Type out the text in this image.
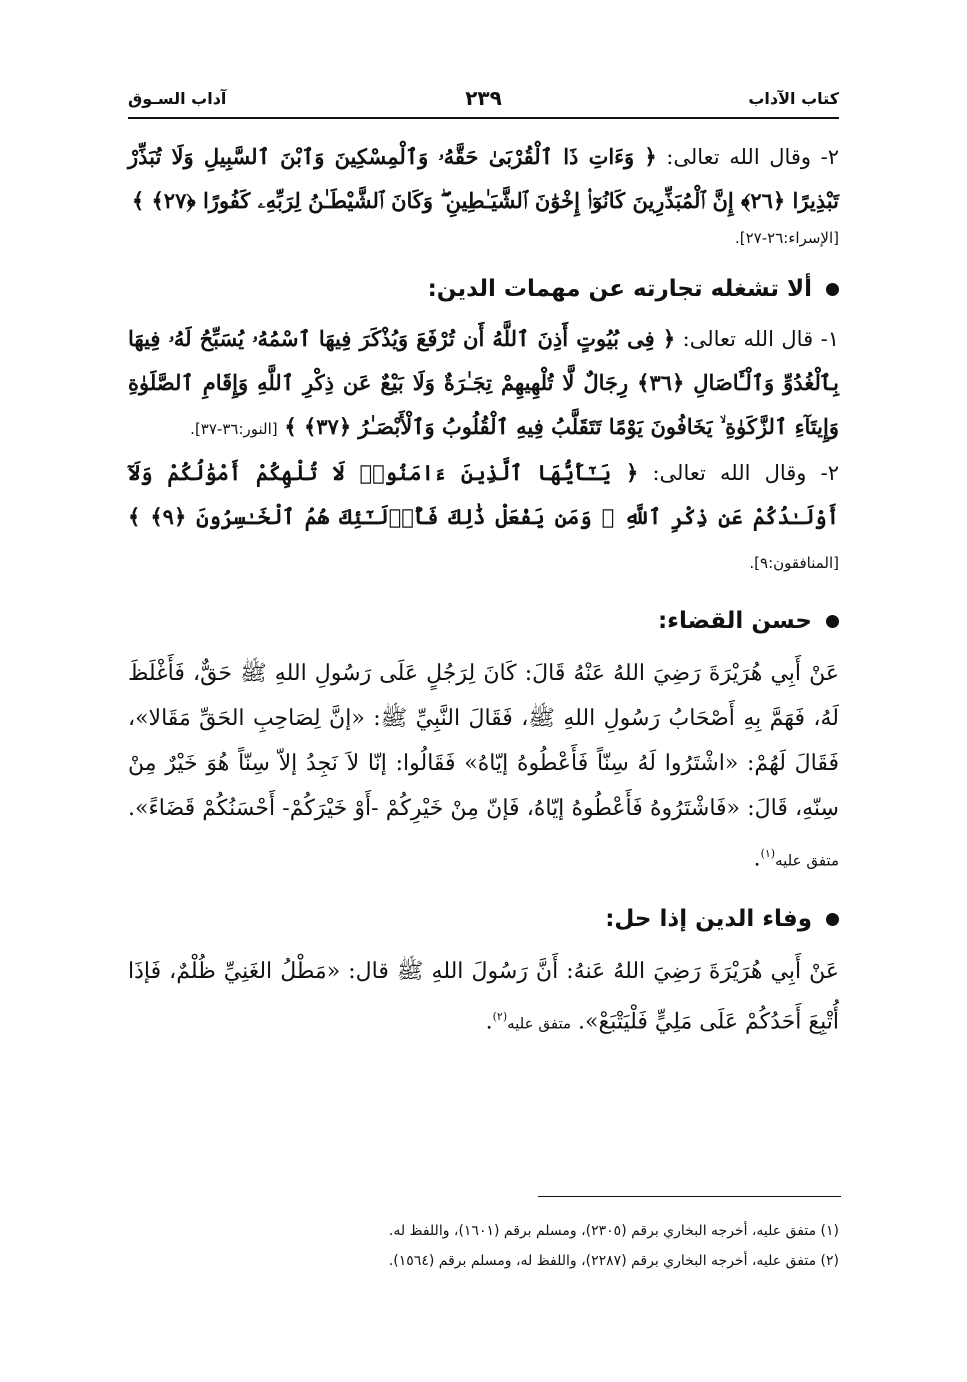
كتاب الآداب
٢٣٩
آداب السـوق

٢- وقال الله تعالى: ﴿ وَءَاتِ ذَا ٱلْقُرْبَىٰ حَقَّهُۥ وَٱلْمِسْكِينَ وَٱبْنَ ٱلسَّبِيلِ وَلَا تُبَذِّرْ تَبْذِيرًا ﴿٢٦﴾ إِنَّ ٱلْمُبَذِّرِينَ كَانُوٓا۟ إِخْوَٰنَ ٱلشَّيَـٰطِينِ ۖ وَكَانَ ٱلشَّيْطَـٰنُ لِرَبِّهِۦ كَفُورًا ﴿٢٧﴾ ﴾

[الإسراء:٢٦-٢٧].

ألا تشغله تجارته عن مهمات الدين:

١- قال الله تعالى: ﴿ فِى بُيُوتٍ أَذِنَ ٱللَّهُ أَن تُرْفَعَ وَيُذْكَرَ فِيهَا ٱسْمُهُۥ يُسَبِّحُ لَهُۥ فِيهَا بِٱلْغُدُوِّ وَٱلْـَٔاصَالِ ﴿٣٦﴾ رِجَالٌ لَّا تُلْهِيهِمْ تِجَـٰرَةٌ وَلَا بَيْعٌ عَن ذِكْرِ ٱللَّهِ وَإِقَامِ ٱلصَّلَوٰةِ وَإِيتَآءِ ٱلزَّكَوٰةِ ۙ يَخَافُونَ يَوْمًا تَتَقَلَّبُ فِيهِ ٱلْقُلُوبُ وَٱلْأَبْصَـٰرُ ﴿٣٧﴾ ﴾ [النور:٣٦-٣٧].

٢- وقال الله تعالى: ﴿ يَـٰٓأَيُّهَا ٱلَّذِينَ ءَامَنُوا۟ لَا تُلْهِكُمْ أَمْوَٰلُكُمْ وَلَآ أَوْلَـٰدُكُمْ عَن ذِكْرِ ٱللَّهِ ۚ وَمَن يَفْعَلْ ذَٰلِكَ فَأُو۟لَـٰٓئِكَ هُمُ ٱلْخَـٰسِرُونَ ﴿٩﴾ ﴾ [المنافقون:٩].

حسن القضاء:

عَنْ أَبِي هُرَيْرَةَ رَضِيَ اللهُ عَنْهُ قَالَ: كَانَ لِرَجُلٍ عَلَى رَسُولِ اللهِ ﷺ حَقٌّ، فَأَغْلَظَ لَهُ، فَهَمَّ بِهِ أَصْحَابُ رَسُولِ اللهِ ﷺ، فَقَالَ النَّبِيِّ ﷺ: «إنَّ لِصَاحِبِ الحَقِّ مَقَالا»، فَقَالَ لَهُمْ: «اشْتَرُوا لَهُ سِنّاً فَأَعْطُوهُ إيّاهُ» فَقَالُوا: إنّا لاَ نَجِدُ إلاّ سِنّاً هُوَ خَيْرٌ مِنْ سِنّهِ، قَالَ: «فَاشْتَرُوهُ فَأَعْطُوهُ إيّاهُ، فَإنّ مِنْ خَيْرِكُمْ -أَوْ خَيْرَكُمْ- أَحْسَنُكُمْ قَضَاءً». متفق عليه$^{(١)}$.

وفاء الدين إذا حل:

عَنْ أَبِي هُرَيْرَةَ رَضِيَ اللهُ عَنهُ: أَنَّ رَسُولَ اللهِ ﷺ قال: «مَطْلُ الغَنِيِّ ظُلْمٌ، فَإذَا أُتْبِعَ أَحَدُكُمْ عَلَى مَلِيٍّ فَلْيَتْبَعْ». متفق عليه$^{(٢)}$.

(١) متفق عليه، أخرجه البخاري برقم (٢٣٠٥)، ومسلم برقم (١٦٠١)، واللفظ له.

(٢) متفق عليه، أخرجه البخاري برقم (٢٢٨٧)، واللفظ له، ومسلم برقم (١٥٦٤).
